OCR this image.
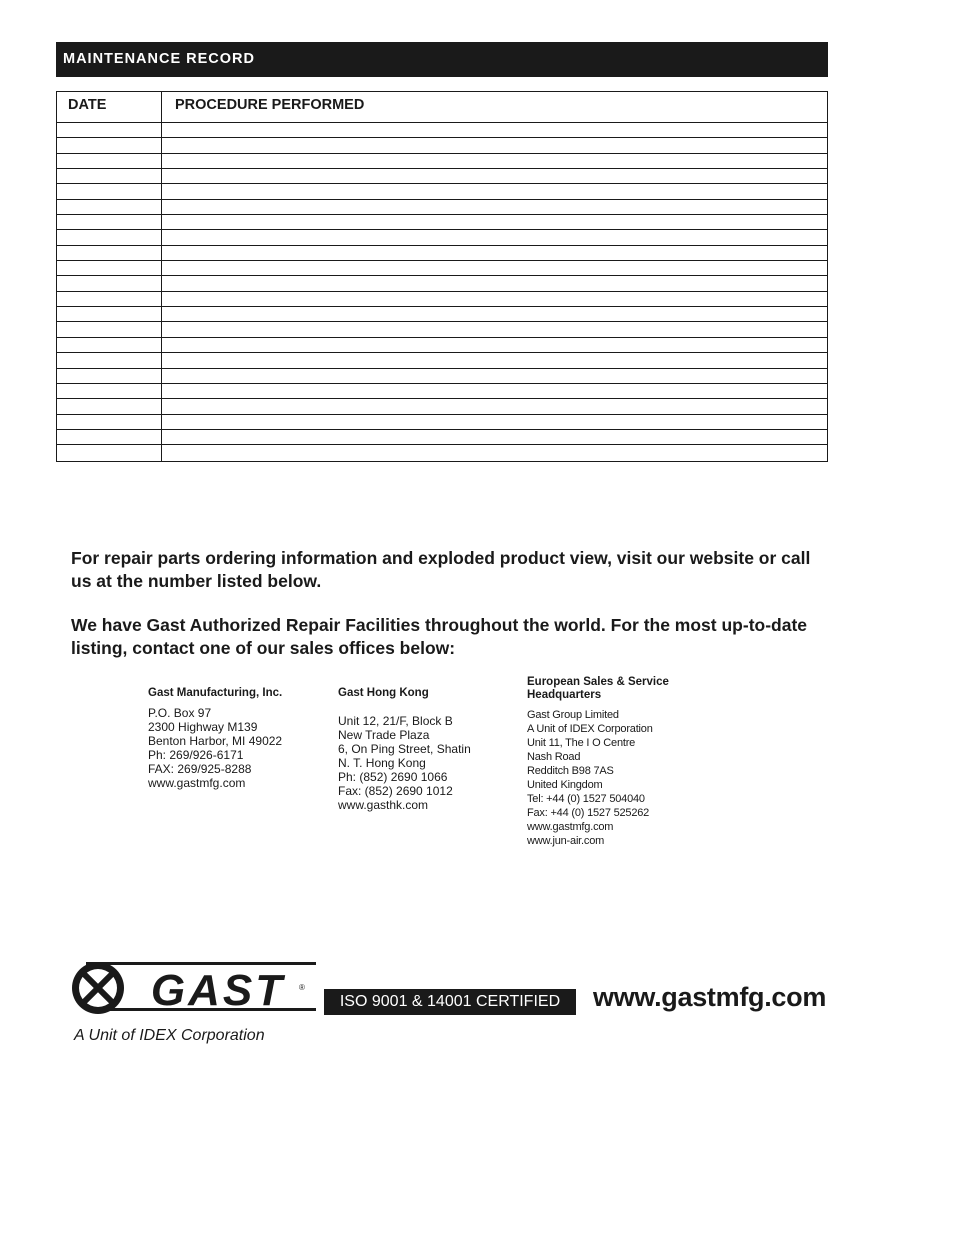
MAINTENANCE RECORD
DATE	PROCEDURE PERFORMED

For repair parts ordering information and exploded product view, visit our website or call us at the number listed below.

We have Gast Authorized Repair Facilities throughout the world. For the most up-to-date listing, contact one of our sales offices below:

Gast Manufacturing, Inc.
P.O. Box 97
2300 Highway M139
Benton Harbor, MI 49022
Ph: 269/926-6171
FAX: 269/925-8288
www.gastmfg.com
Gast Hong Kong
Unit 12, 21/F, Block B
New Trade Plaza
6, On Ping Street, Shatin
N. T. Hong Kong
Ph: (852) 2690 1066
Fax: (852) 2690 1012
www.gasthk.com
European Sales & Service Headquarters
Gast Group Limited
A Unit of IDEX Corporation
Unit 11, The I O Centre
Nash Road
Redditch B98 7AS
United Kingdom
Tel: +44 (0) 1527 504040
Fax: +44 (0) 1527 525262
www.gastmfg.com
www.jun-air.com
GAST ®
A Unit of IDEX Corporation
ISO 9001 & 14001 CERTIFIED	www.gastmfg.com
